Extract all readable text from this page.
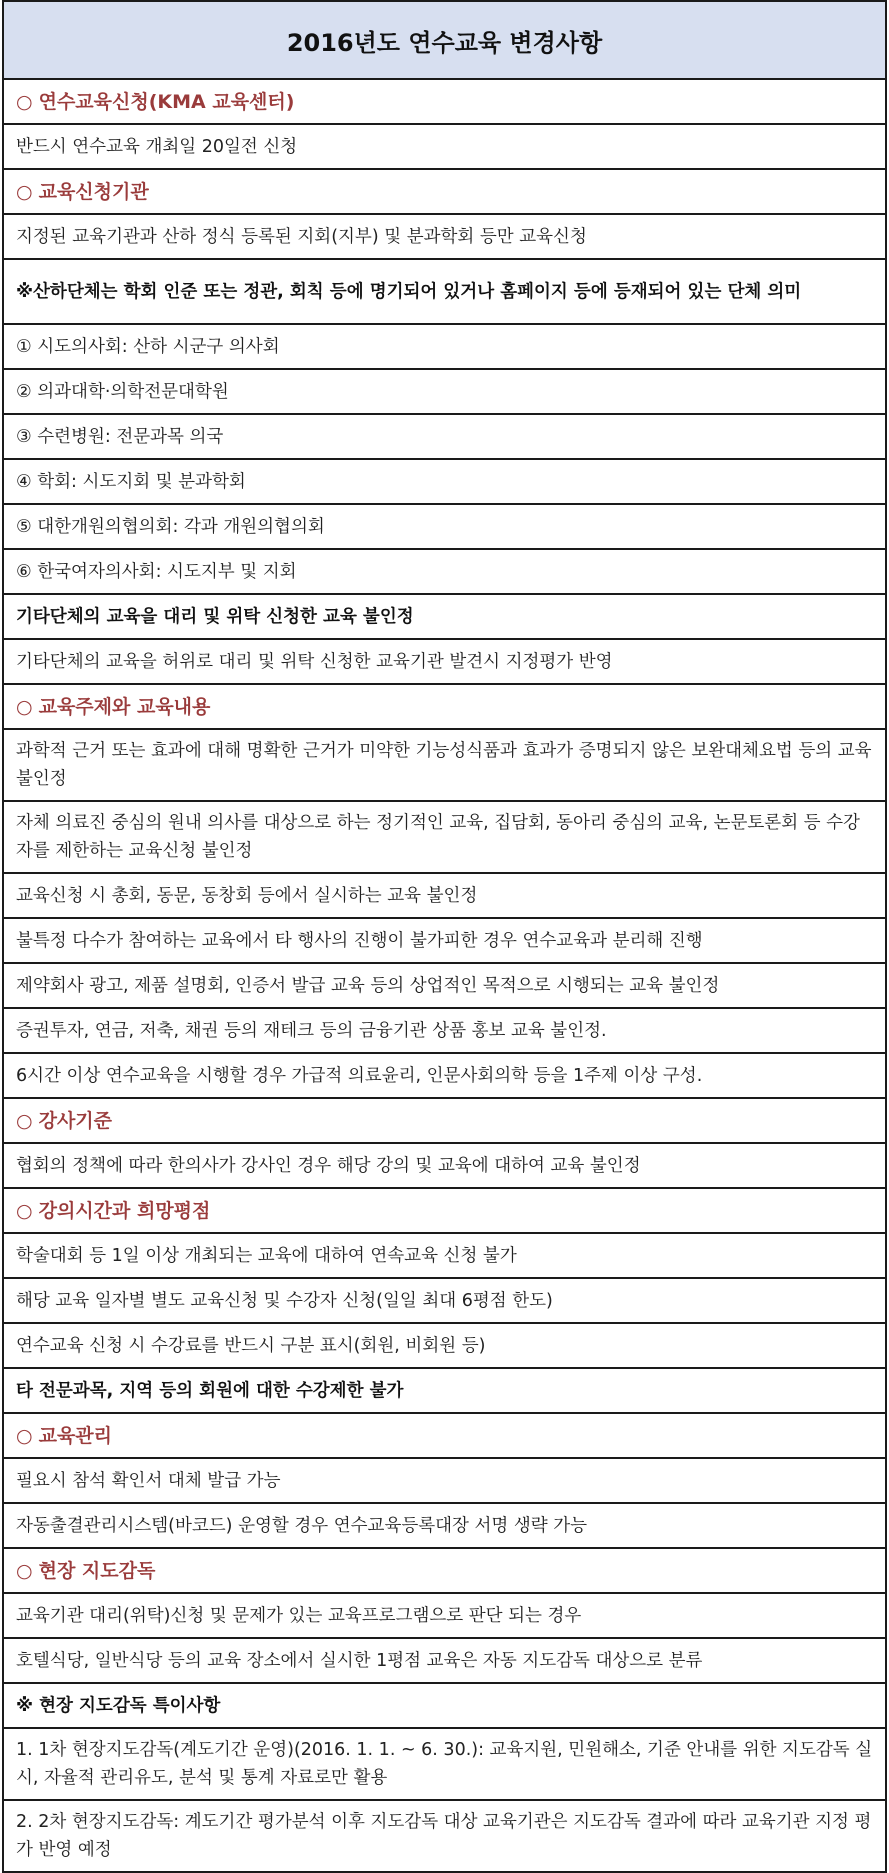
2016년도 연수교육 변경사항
○ 연수교육신청(KMA 교육센터)
반드시 연수교육 개최일 20일전 신청
○ 교육신청기관
지정된 교육기관과 산하 정식 등록된 지회(지부) 및 분과학회 등만 교육신청
※산하단체는 학회 인준 또는 정관, 회칙 등에 명기되어 있거나 홈페이지 등에 등재되어 있는 단체 의미
① 시도의사회: 산하 시군구 의사회
② 의과대학·의학전문대학원
③ 수련병원: 전문과목 의국
④ 학회: 시도지회 및 분과학회
⑤ 대한개원의협의회: 각과 개원의협의회
⑥ 한국여자의사회: 시도지부 및 지회
기타단체의 교육을 대리 및 위탁 신청한 교육 불인정
기타단체의 교육을 허위로 대리 및 위탁 신청한 교육기관 발견시 지정평가 반영
○ 교육주제와 교육내용
과학적 근거 또는 효과에 대해 명확한 근거가 미약한 기능성식품과 효과가 증명되지 않은 보완대체요법 등의 교육 불인정
자체 의료진 중심의 원내 의사를 대상으로 하는 정기적인 교육, 집담회, 동아리 중심의 교육, 논문토론회 등 수강자를 제한하는 교육신청 불인정
교육신청 시 총회, 동문, 동창회 등에서 실시하는 교육 불인정
불특정 다수가 참여하는 교육에서 타 행사의 진행이 불가피한 경우 연수교육과 분리해 진행
제약회사 광고, 제품 설명회, 인증서 발급 교육 등의 상업적인 목적으로 시행되는 교육 불인정
증권투자, 연금, 저축, 채권 등의 재테크 등의 금융기관 상품 홍보 교육 불인정.
6시간 이상 연수교육을 시행할 경우 가급적 의료윤리, 인문사회의학 등을 1주제 이상 구성.
○ 강사기준
협회의 정책에 따라 한의사가 강사인 경우 해당 강의 및 교육에 대하여 교육 불인정
○ 강의시간과 희망평점
학술대회 등 1일 이상 개최되는 교육에 대하여 연속교육 신청 불가
해당 교육 일자별 별도 교육신청 및 수강자 신청(일일 최대 6평점 한도)
연수교육 신청 시 수강료를 반드시 구분 표시(회원, 비회원 등)
타 전문과목, 지역 등의 회원에 대한 수강제한 불가
○ 교육관리
필요시 참석 확인서 대체 발급 가능
자동출결관리시스템(바코드) 운영할 경우 연수교육등록대장 서명 생략 가능
○ 현장 지도감독
교육기관 대리(위탁)신청 및 문제가 있는 교육프로그램으로 판단 되는 경우
호텔식당, 일반식당 등의 교육 장소에서 실시한 1평점 교육은 자동 지도감독 대상으로 분류
※ 현장 지도감독 특이사항
1. 1차 현장지도감독(계도기간 운영)(2016. 1. 1. ~ 6. 30.): 교육지원, 민원해소, 기준 안내를 위한 지도감독 실시, 자율적 관리유도, 분석 및 통계 자료로만 활용
2. 2차 현장지도감독: 계도기간 평가분석 이후 지도감독 대상 교육기관은 지도감독 결과에 따라 교육기관 지정 평가 반영 예정
